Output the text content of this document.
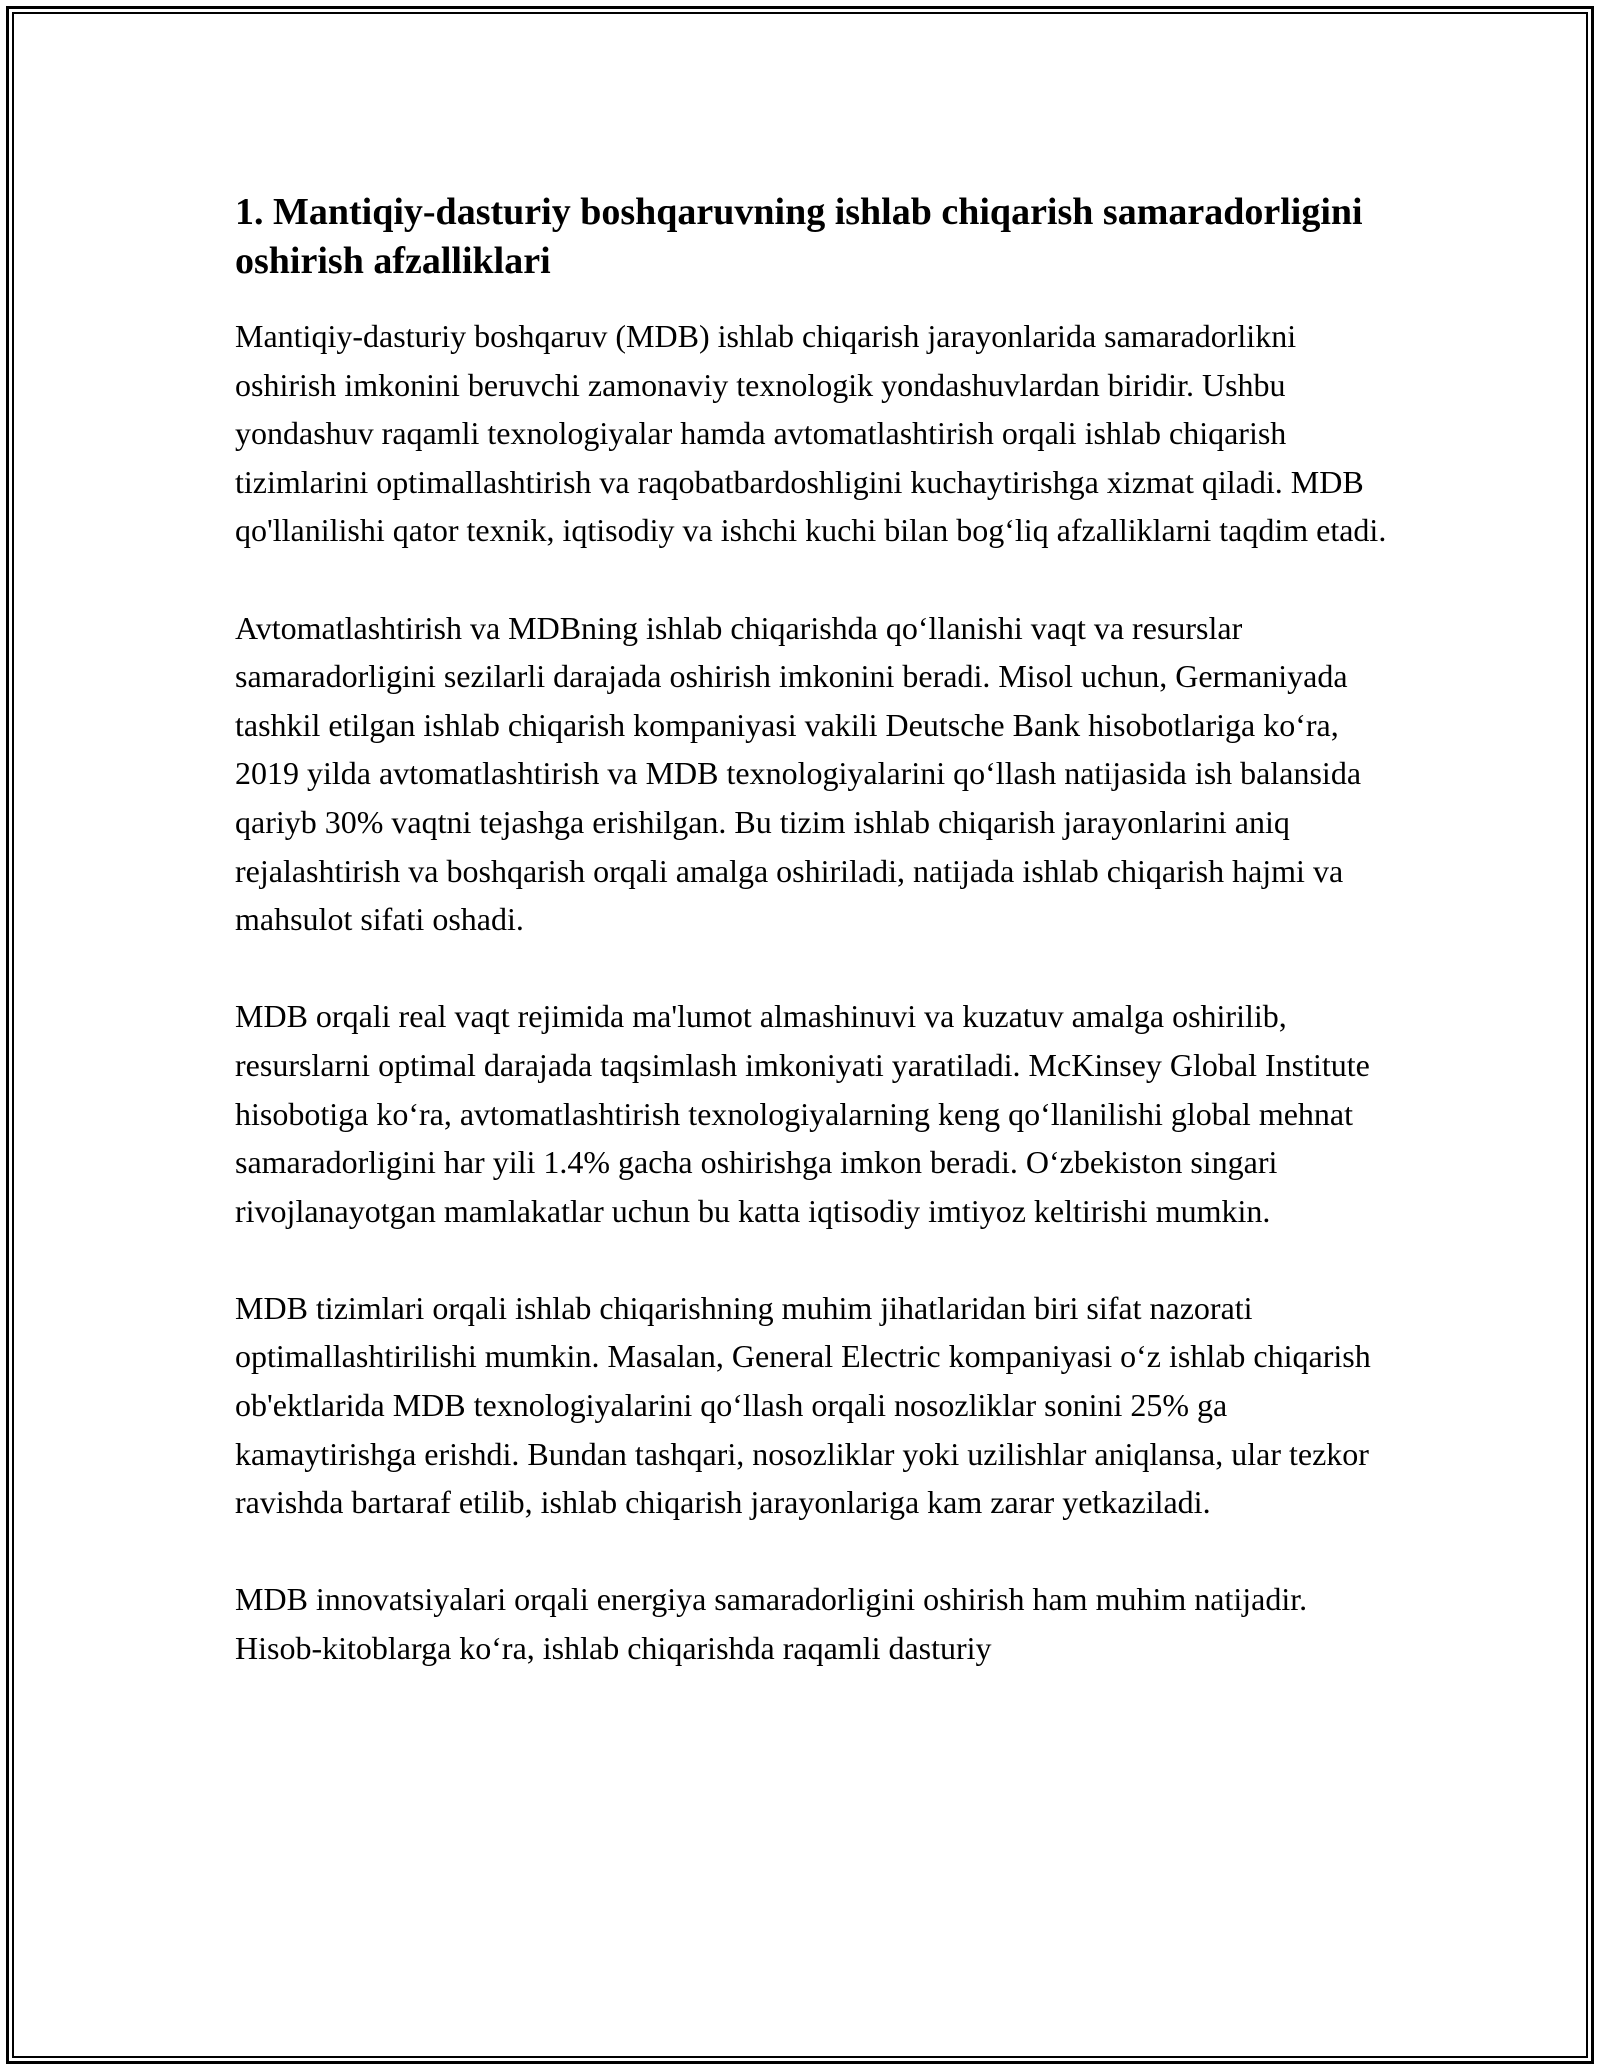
1. Mantiqiy-dasturiy boshqaruvning ishlab chiqarish samaradorligini oshirish afzalliklari

Mantiqiy-dasturiy boshqaruv (MDB) ishlab chiqarish jarayonlarida samaradorlikni oshirish imkonini beruvchi zamonaviy texnologik yondashuvlardan biridir. Ushbu yondashuv raqamli texnologiyalar hamda avtomatlashtirish orqali ishlab chiqarish tizimlarini optimallashtirish va raqobatbardoshligini kuchaytirishga xizmat qiladi. MDB qo'llanilishi qator texnik, iqtisodiy va ishchi kuchi bilan bog‘liq afzalliklarni taqdim etadi.

Avtomatlashtirish va MDBning ishlab chiqarishda qo‘llanishi vaqt va resurslar samaradorligini sezilarli darajada oshirish imkonini beradi. Misol uchun, Germaniyada tashkil etilgan ishlab chiqarish kompaniyasi vakili Deutsche Bank hisobotlariga ko‘ra, 2019 yilda avtomatlashtirish va MDB texnologiyalarini qo‘llash natijasida ish balansida qariyb 30% vaqtni tejashga erishilgan. Bu tizim ishlab chiqarish jarayonlarini aniq rejalashtirish va boshqarish orqali amalga oshiriladi, natijada ishlab chiqarish hajmi va mahsulot sifati oshadi.

MDB orqali real vaqt rejimida ma'lumot almashinuvi va kuzatuv amalga oshirilib, resurslarni optimal darajada taqsimlash imkoniyati yaratiladi. McKinsey Global Institute hisobotiga ko‘ra, avtomatlashtirish texnologiyalarning keng qo‘llanilishi global mehnat samaradorligini har yili 1.4% gacha oshirishga imkon beradi. O‘zbekiston singari rivojlanayotgan mamlakatlar uchun bu katta iqtisodiy imtiyoz keltirishi mumkin.

MDB tizimlari orqali ishlab chiqarishning muhim jihatlaridan biri sifat nazorati optimallashtirilishi mumkin. Masalan, General Electric kompaniyasi o‘z ishlab chiqarish ob'ektlarida MDB texnologiyalarini qo‘llash orqali nosozliklar sonini 25% ga kamaytirishga erishdi. Bundan tashqari, nosozliklar yoki uzilishlar aniqlansa, ular tezkor ravishda bartaraf etilib, ishlab chiqarish jarayonlariga kam zarar yetkaziladi.

MDB innovatsiyalari orqali energiya samaradorligini oshirish ham muhim natijadir. Hisob-kitoblarga ko‘ra, ishlab chiqarishda raqamli dasturiy
